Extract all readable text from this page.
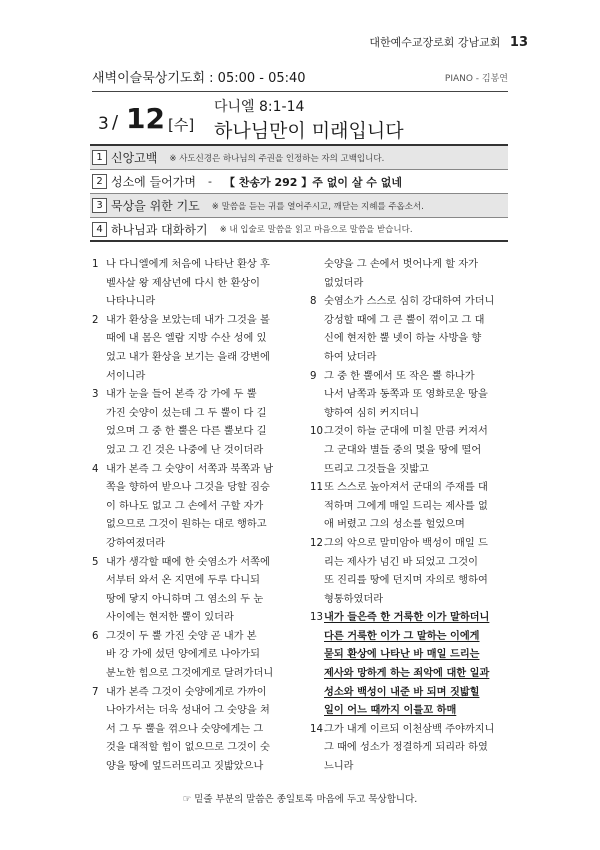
대한예수교장로회 강남교회 13
새벽이슬묵상기도회 : 05:00 - 05:40	PIANO - 김봉연
3 / 12 [수]
다니엘 8:1-14
하나님만이 미래입니다
1 신앙고백 ※ 사도신경은 하나님의 주권을 인정하는 자의 고백입니다.
2 성소에 들어가며 - 【 찬송가 292 】주 없이 살 수 없네
3 묵상을 위한 기도 ※ 말씀을 듣는 귀를 열어주시고, 깨닫는 지혜를 주옵소서.
4 하나님과 대화하기 ※ 내 입술로 말씀을 읽고 마음으로 말씀을 받습니다.
1 나 다니엘에게 처음에 나타난 환상 후
벨사살 왕 제삼년에 다시 한 환상이
나타나니라
2 내가 환상을 보았는데 내가 그것을 볼
때에 내 몸은 엘람 지방 수산 성에 있
었고 내가 환상을 보기는 을래 강변에
서이니라
3 내가 눈을 들어 본즉 강 가에 두 뿔
가진 숫양이 섰는데 그 두 뿔이 다 길
었으며 그 중 한 뿔은 다른 뿔보다 길
었고 그 긴 것은 나중에 난 것이더라
4 내가 본즉 그 숫양이 서쪽과 북쪽과 남
쪽을 향하여 받으나 그것을 당할 짐승
이 하나도 없고 그 손에서 구할 자가
없으므로 그것이 원하는 대로 행하고
강하여졌더라
5 내가 생각할 때에 한 숫염소가 서쪽에
서부터 와서 온 지면에 두루 다니되
땅에 닿지 아니하며 그 염소의 두 눈
사이에는 현저한 뿔이 있더라
6 그것이 두 뿔 가진 숫양 곧 내가 본
바 강 가에 섰던 양에게로 나아가되
분노한 힘으로 그것에게로 달려가더니
7 내가 본즉 그것이 숫양에게로 가까이
나아가서는 더욱 성내어 그 숫양을 쳐
서 그 두 뿔을 꺾으나 숫양에게는 그
것을 대적할 힘이 없으므로 그것이 숫
양을 땅에 엎드러뜨리고 짓밟았으나
숫양을 그 손에서 벗어나게 할 자가
없었더라
8 숫염소가 스스로 심히 강대하여 가더니
강성할 때에 그 큰 뿔이 꺾이고 그 대
신에 현저한 뿔 넷이 하늘 사방을 향
하여 났더라
9 그 중 한 뿔에서 또 작은 뿔 하나가
나서 남쪽과 동쪽과 또 영화로운 땅을
향하여 심히 커지더니
10 그것이 하늘 군대에 미칠 만큼 커져서
그 군대와 별들 중의 몇을 땅에 떨어
뜨리고 그것들을 짓밟고
11 또 스스로 높아져서 군대의 주재를 대
적하며 그에게 매일 드리는 제사를 없
애 버렸고 그의 성소를 헐었으며
12 그의 악으로 말미암아 백성이 매일 드
리는 제사가 넘긴 바 되었고 그것이
또 진리를 땅에 던지며 자의로 행하여
형통하였더라
13 내가 들은즉 한 거룩한 이가 말하더니
다른 거룩한 이가 그 말하는 이에게
묻되 환상에 나타난 바 매일 드리는
제사와 망하게 하는 죄악에 대한 일과
성소와 백성이 내준 바 되며 짓밟힐
일이 어느 때까지 이를꼬 하매
14 그가 내게 이르되 이천삼백 주야까지니
그 때에 성소가 정결하게 되리라 하였
느니라
☞ 밑줄 부분의 말씀은 종일토록 마음에 두고 묵상합니다.
